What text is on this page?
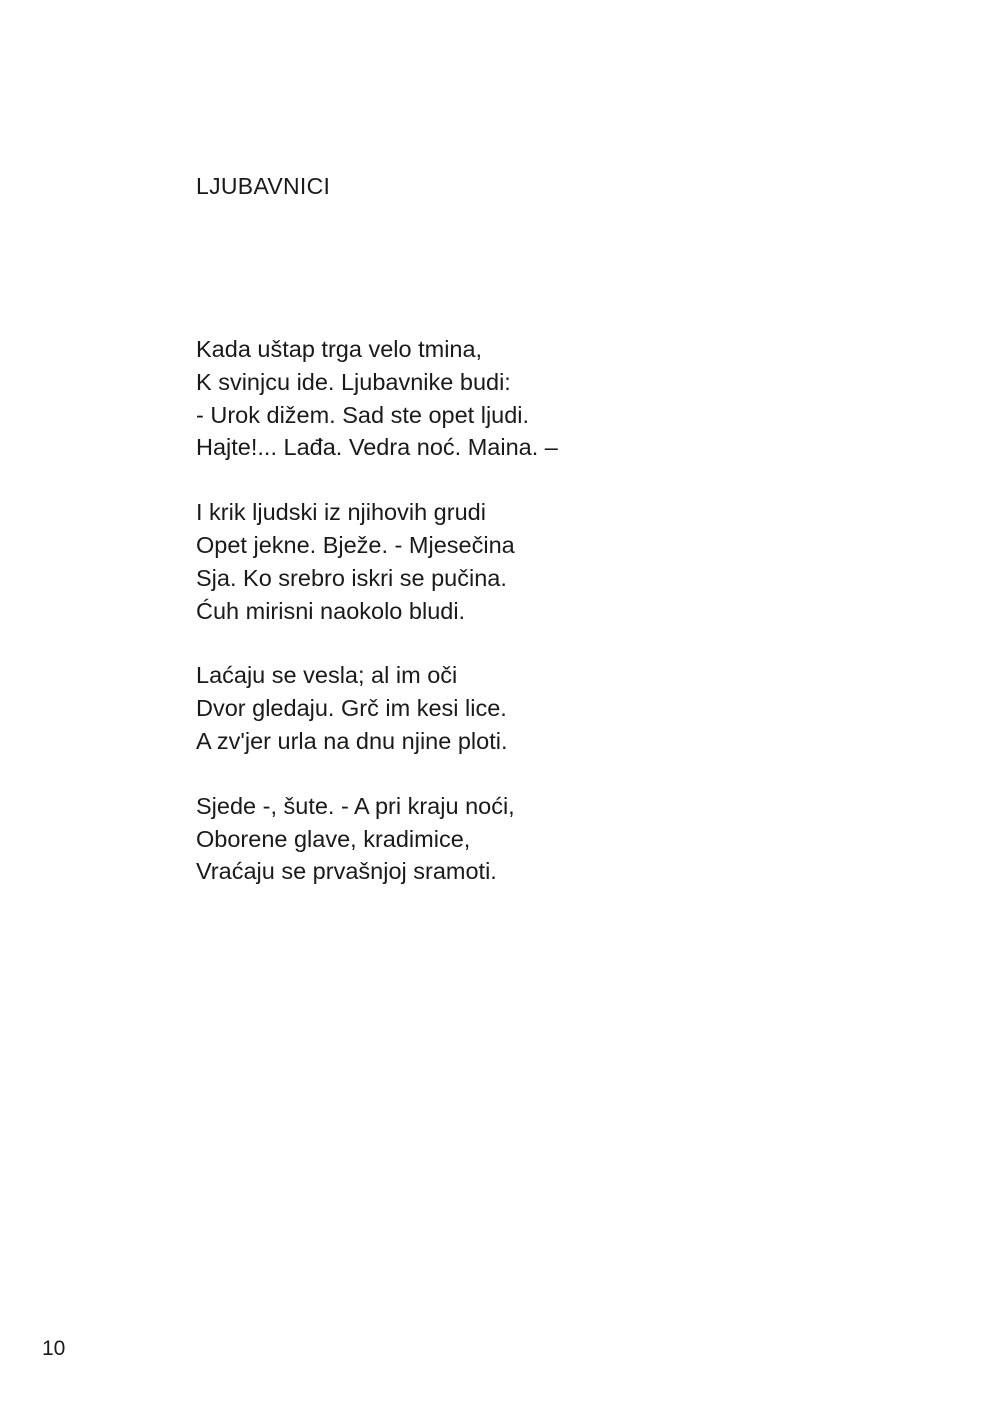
LJUBAVNICI
Kada uštap trga velo tmina,
K svinjcu ide. Ljubavnike budi:
- Urok dižem. Sad ste opet ljudi.
Hajte!... Lađa. Vedra noć. Maina. –
I krik ljudski iz njihovih grudi
Opet jekne. Bježe. - Mjesečina
Sja. Ko srebro iskri se pučina.
Ćuh mirisni naokolo bludi.
Laćaju se vesla; al im oči
Dvor gledaju. Grč im kesi lice.
A zv'jer urla na dnu njine ploti.
Sjede -, šute. - A pri kraju noći,
Oborene glave, kradimice,
Vraćaju se prvašnjoj sramoti.
10
